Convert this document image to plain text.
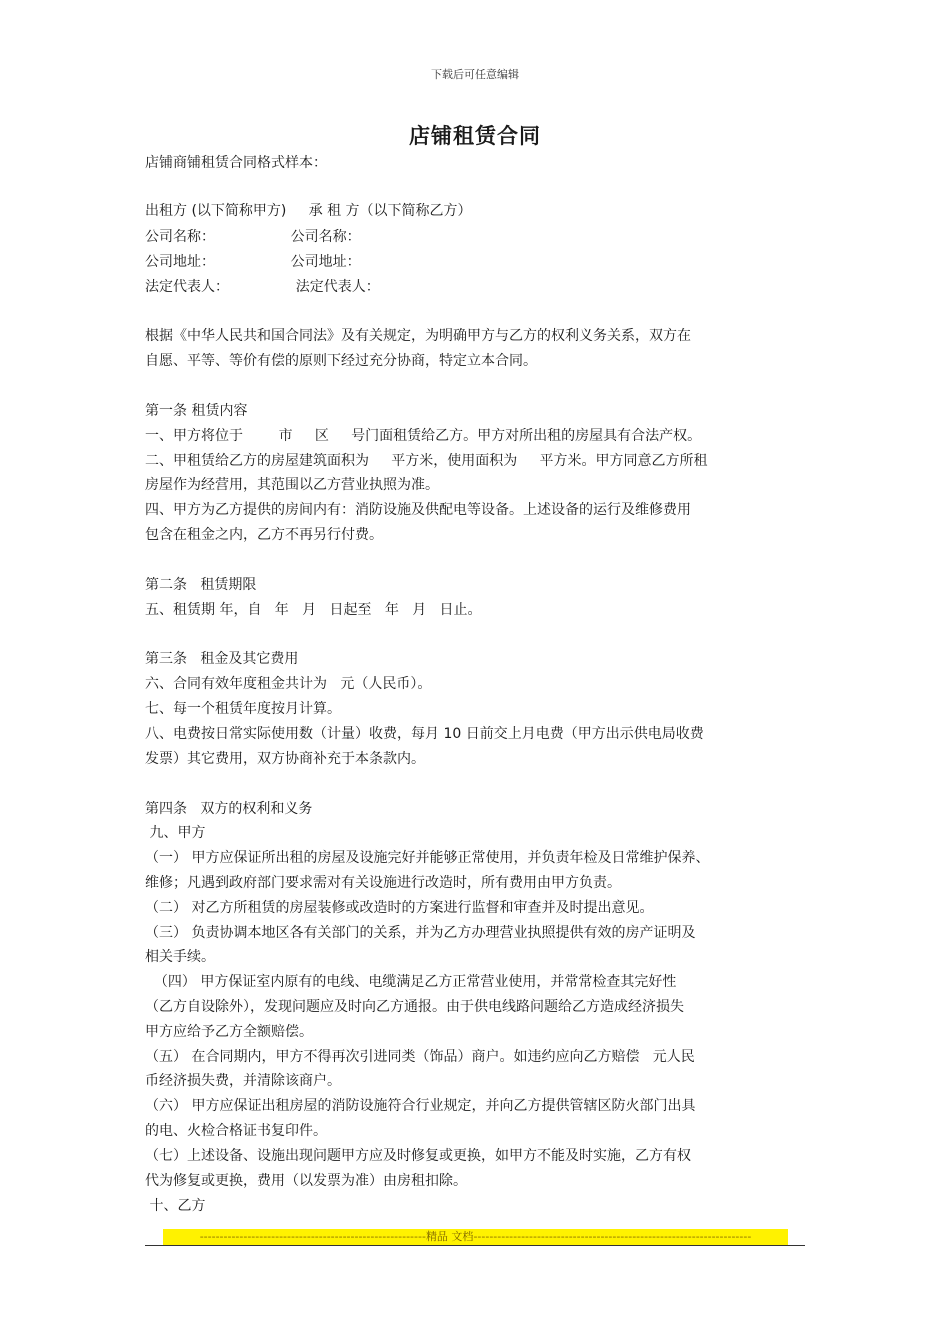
下载后可任意编辑
店铺租赁合同
店铺商铺租赁合同格式样本：
出租方 (以下简称甲方)     承 租 方（以下简称乙方）
公司名称：                 公司名称：
公司地址：                 公司地址：
法定代表人：               法定代表人：
根据《中华人民共和国合同法》及有关规定，为明确甲方与乙方的权利义务关系，双方在
自愿、平等、等价有偿的原则下经过充分协商，特定立本合同。
第一条 租赁内容
一、甲方将位于        市     区     号门面租赁给乙方。甲方对所出租的房屋具有合法产权。
二、甲租赁给乙方的房屋建筑面积为     平方米，使用面积为     平方米。甲方同意乙方所租
房屋作为经营用，其范围以乙方营业执照为准。
四、甲方为乙方提供的房间内有：消防设施及供配电等设备。上述设备的运行及维修费用
包含在租金之内，乙方不再另行付费。
第二条   租赁期限
五、租赁期 年，自   年   月   日起至   年   月   日止。
第三条   租金及其它费用
六、合同有效年度租金共计为   元（人民币）。
七、每一个租赁年度按月计算。
八、电费按日常实际使用数（计量）收费，每月 10 日前交上月电费（甲方出示供电局收费
发票）其它费用，双方协商补充于本条款内。
第四条   双方的权利和义务
九、甲方
（一） 甲方应保证所出租的房屋及设施完好并能够正常使用，并负责年检及日常维护保养、
维修；凡遇到政府部门要求需对有关设施进行改造时，所有费用由甲方负责。
（二） 对乙方所租赁的房屋装修或改造时的方案进行监督和审查并及时提出意见。
（三） 负责协调本地区各有关部门的关系，并为乙方办理营业执照提供有效的房产证明及
相关手续。
（四） 甲方保证室内原有的电线、电缆满足乙方正常营业使用，并常常检查其完好性
（乙方自设除外），发现问题应及时向乙方通报。由于供电线路问题给乙方造成经济损失
甲方应给予乙方全额赔偿。
（五） 在合同期内，甲方不得再次引进同类（饰品）商户。如违约应向乙方赔偿   元人民
币经济损失费，并清除该商户。
（六） 甲方应保证出租房屋的消防设施符合行业规定，并向乙方提供管辖区防火部门出具
的电、火检合格证书复印件。
（七）上述设备、设施出现问题甲方应及时修复或更换，如甲方不能及时实施，乙方有权
代为修复或更换，费用（以发票为准）由房租扣除。
十、乙方
---------------------------------------------------------精品 文档----------------------------------------------------------------------
